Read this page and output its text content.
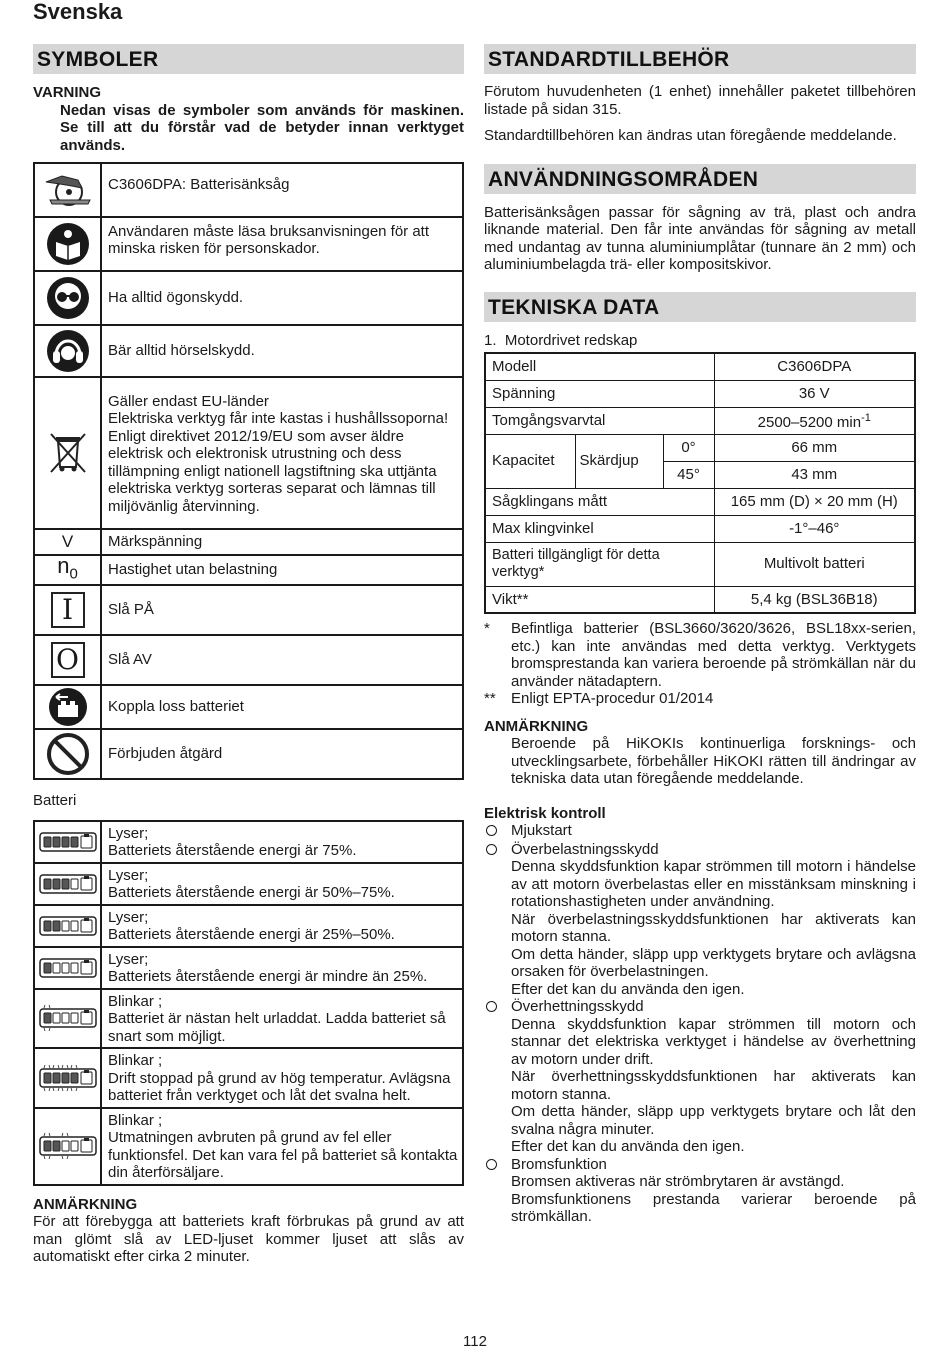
Svenska
SYMBOLER
VARNING
Nedan visas de symboler som används för maskinen. Se till att du förstår vad de betyder innan verktyget används.
	C3606DPA: Batterisänksåg

	Användaren måste läsa bruksanvisningen för att minska risken för personskador.

	Ha alltid ögonskydd.

	Bär alltid hörselskydd.

	Gäller endast EU-länder
Elektriska verktyg får inte kastas i hushållssoporna!
Enligt direktivet 2012/19/EU som avser äldre elektrisk och elektronisk utrustning och dess tillämpning enligt nationell lagstiftning ska uttjänta elektriska verktyg sorteras separat och lämnas till miljövänlig återvinning.
V	Märkspänning
$n_0$	Hastighet utan belastning

I	Slå PÅ

O	Slå AV

	Koppla loss batteriet

	Förbjuden åtgärd
Batteri
	Lyser;
Batteriets återstående energi är 75%.

	Lyser;
Batteriets återstående energi är 50%–75%.

	Lyser;
Batteriets återstående energi är 25%–50%.

	Lyser;
Batteriets återstående energi är mindre än 25%.

	Blinkar ;
Batteriet är nästan helt urladdat. Ladda batteriet så snart som möjligt.

	Blinkar ;
Drift stoppad på grund av hög temperatur. Avlägsna batteriet från verktyget och låt det svalna helt.

	Blinkar ;
Utmatningen avbruten på grund av fel eller funktionsfel. Det kan vara fel på batteriet så kontakta din återförsäljare.
ANMÄRKNING
För att förebygga att batteriets kraft förbrukas på grund av att man glömt slå av LED-ljuset kommer ljuset att slås av automatiskt efter cirka 2 minuter.
STANDARDTILLBEHÖR
Förutom huvudenheten (1 enhet) innehåller paketet tillbehören listade på sidan 315.
Standardtillbehören kan ändras utan föregående meddelande.
ANVÄNDNINGSOMRÅDEN
Batterisänksågen passar för sågning av trä, plast och andra liknande material. Den får inte användas för sågning av metall med undantag av tunna aluminiumplåtar (tunnare än 2 mm) och aluminiumbelagda trä- eller kompositskivor.
TEKNISKA DATA
1.  Motordrivet redskap
Modell			C3606DPA
Spänning			36 V
Tomgångsvarvtal			2500–5200 $\min^{-1}$
Kapacitet	Skärdjup	0°	66 mm
		45°	43 mm
Sågklingans mått			165 mm (D) × 20 mm (H)
Max klingvinkel			-1°–46°
Batteri tillgängligt för detta verktyg*			Multivolt batteri
Vikt**			5,4 kg (BSL36B18)
*	Befintliga batterier (BSL3660/3620/3626, BSL18xx-serien, etc.) kan inte användas med detta verktyg. Verktygets bromsprestanda kan variera beroende på strömkällan när du använder nätadaptern.
**	Enligt EPTA-procedur 01/2014
ANMÄRKNING
Beroende på HiKOKIs kontinuerliga forsknings- och utvecklingsarbete, förbehåller HiKOKI rätten till ändringar av tekniska data utan föregående meddelande.
Elektrisk kontroll
Mjukstart
Överbelastningsskydd
Denna skyddsfunktion kapar strömmen till motorn i händelse av att motorn överbelastas eller en misstänksam minskning i rotationshastigheten under användning.
När överbelastningsskyddsfunktionen har aktiverats kan motorn stanna.
Om detta händer, släpp upp verktygets brytare och avlägsna orsaken för överbelastningen.
Efter det kan du använda den igen.
Överhettningsskydd
Denna skyddsfunktion kapar strömmen till motorn och stannar det elektriska verktyget i händelse av överhettning av motorn under drift.
När överhettningsskyddsfunktionen har aktiverats kan motorn stanna.
Om detta händer, släpp upp verktygets brytare och låt den svalna några minuter.
Efter det kan du använda den igen.
Bromsfunktion
Bromsen aktiveras när strömbrytaren är avstängd.
Bromsfunktionens prestanda varierar beroende på strömkällan.
112
